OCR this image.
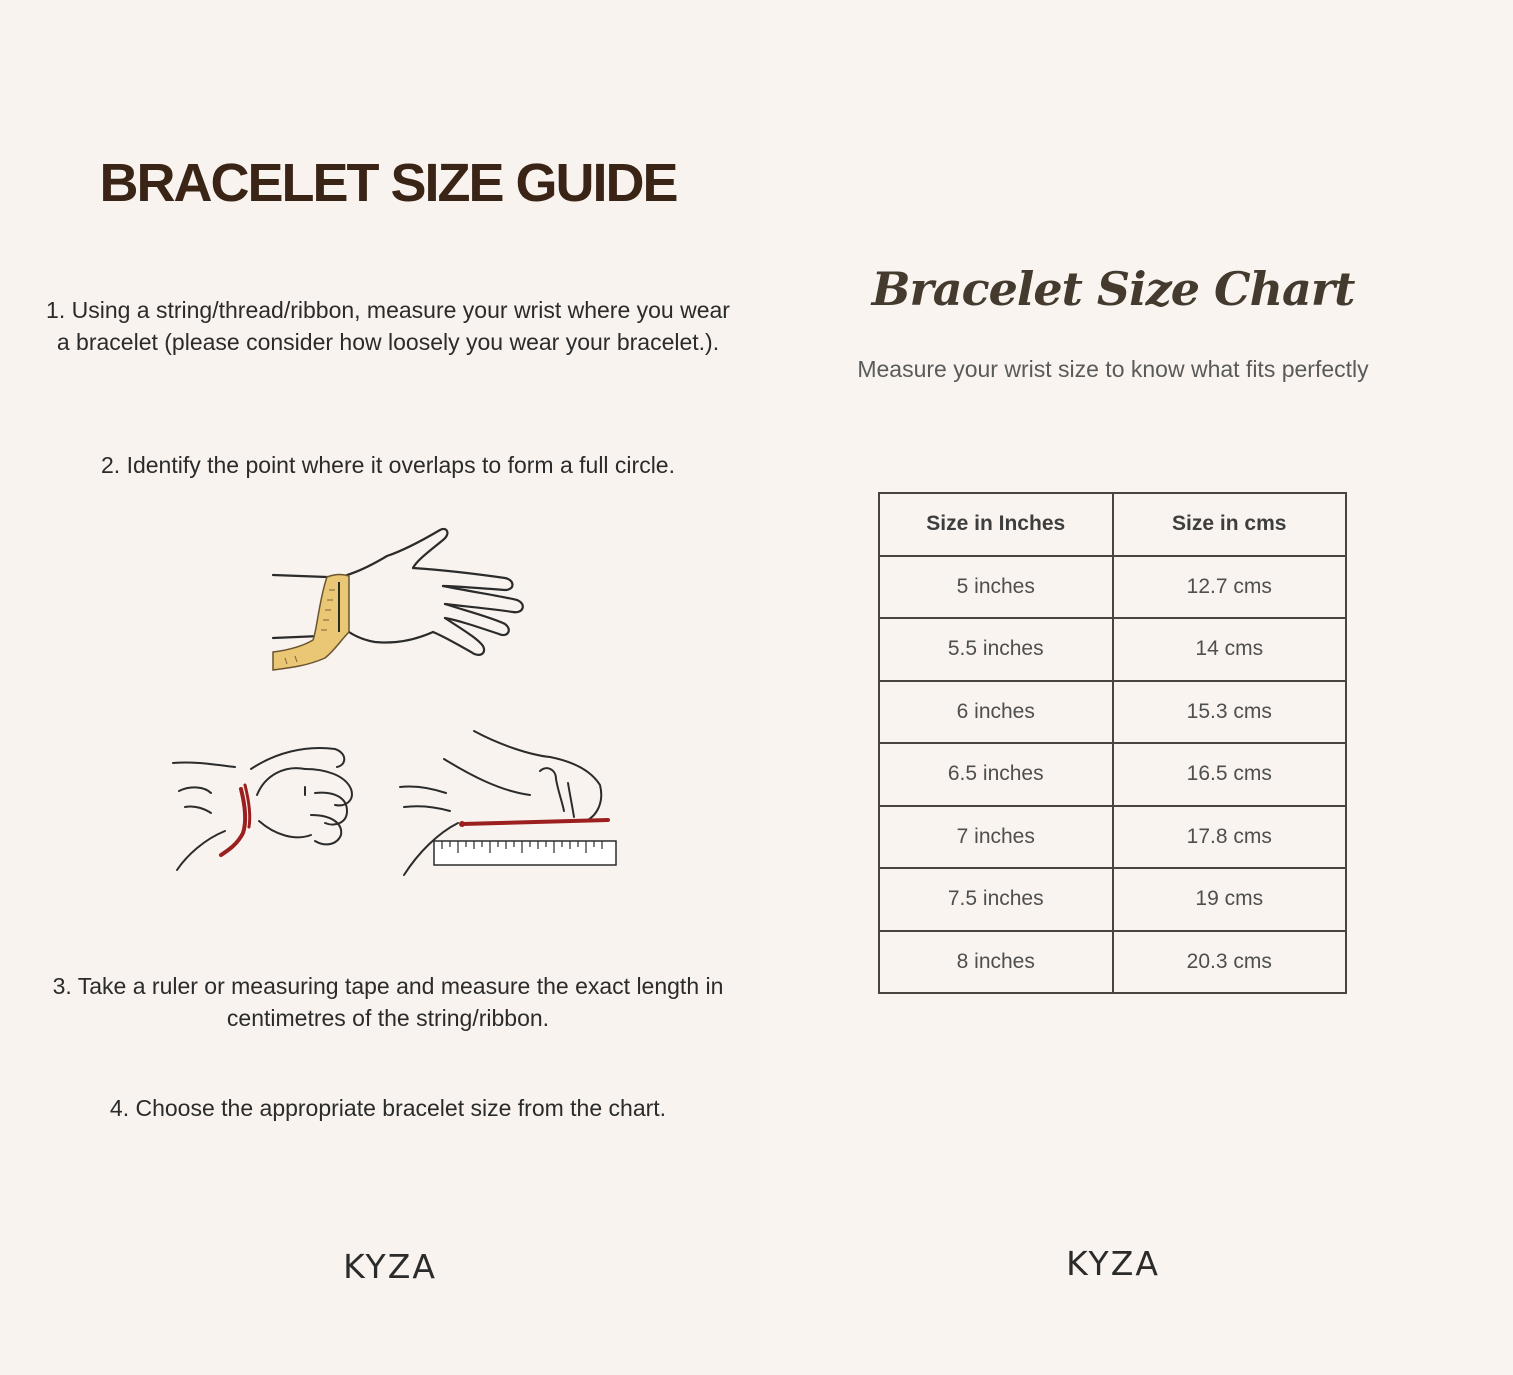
BRACELET SIZE GUIDE
1. Using a string/thread/ribbon, measure your wrist where you wear a bracelet (please consider how loosely you wear your bracelet.).
2. Identify the point where it overlaps to form a full circle.
3. Take a ruler or measuring tape and measure the exact length in centimetres of the string/ribbon.
4. Choose the appropriate bracelet size from the chart.
KYZA
Bracelet Size Chart
Measure your wrist size to know what fits perfectly
Size in Inches	Size in cms
5 inches	12.7 cms
5.5 inches	14 cms
6 inches	15.3 cms
6.5 inches	16.5 cms
7 inches	17.8 cms
7.5 inches	19 cms
8 inches	20.3 cms
KYZA
